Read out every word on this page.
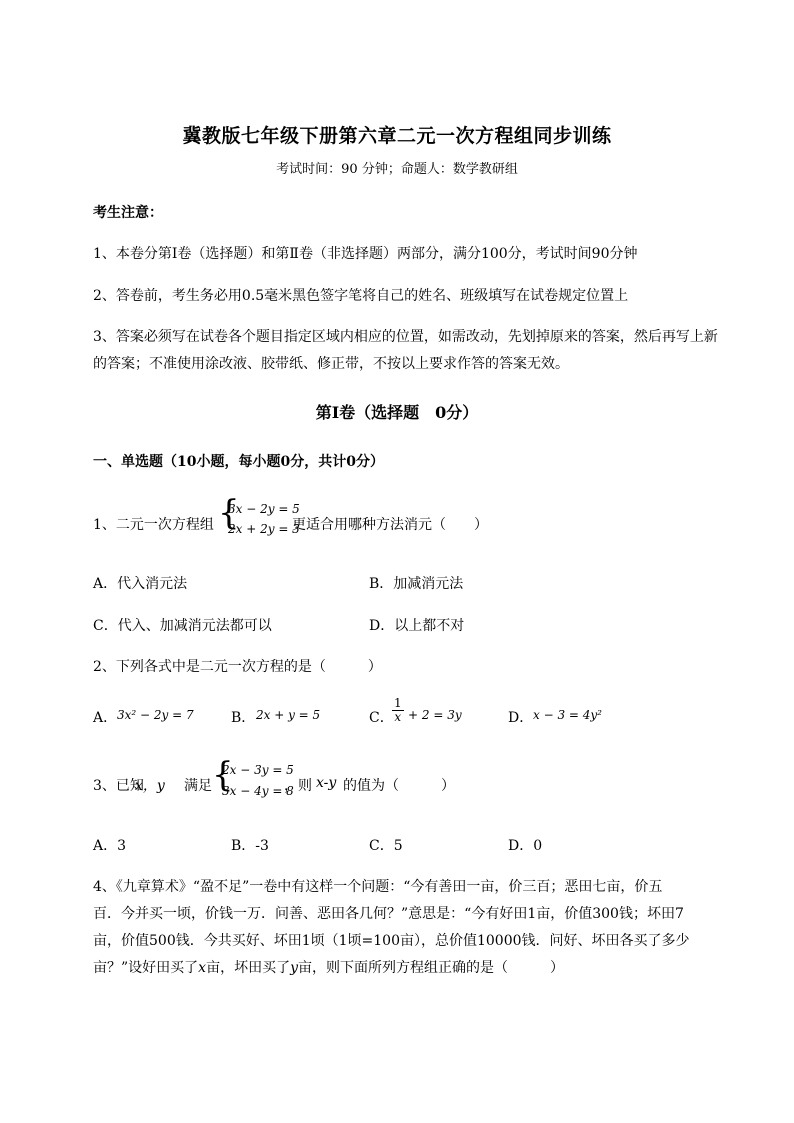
冀教版七年级下册第六章二元一次方程组同步训练
考试时间：90 分钟；命题人：数学教研组
考生注意：
1、本卷分第Ⅰ卷（选择题）和第Ⅱ卷（非选择题）两部分，满分100分，考试时间90分钟
2、答卷前，考生务必用0.5毫米黑色签字笔将自己的姓名、班级填写在试卷规定位置上
3、答案必须写在试卷各个题目指定区域内相应的位置，如需改动，先划掉原来的答案，然后再写上新
的答案；不准使用涂改液、胶带纸、修正带，不按以上要求作答的答案无效。
第Ⅰ卷（选择题　0分）
一、单选题（10小题，每小题0分，共计0分）
1、二元一次方程组 {
3x − 2y = 5
2x + 2y = 3
更适合用哪种方法消元（　　）
A．代入消元法	B．加减消元法
C．代入、加减消元法都可以	D．以上都不对
2、下列各式中是二元一次方程的是（　　　）
A． 3x² − 2y = 7	B． 2x + y = 5	C．
$\frac{1}{x} + 2 = 3y$	D． x − 3 = 4y²
3、已知
x，y 满足 {
2x − 3y = 5
3x − 4y = 8
，则 x-y 的值为（　　　）
A．3	B．-3	C．5	D．0
4、《九章算术》“盈不足”一卷中有这样一个问题：“今有善田一亩，价三百；恶田七亩，价五
百．今并买一顷，价钱一万．问善、恶田各几何？”意思是：“今有好田1亩，价值300钱；坏田7
亩，价值500钱．今共买好、坏田1顷（1顷=100亩），总价值10000钱．问好、坏田各买了多少
亩？”设好田买了x亩，坏田买了y亩，则下面所列方程组正确的是（　　　）
